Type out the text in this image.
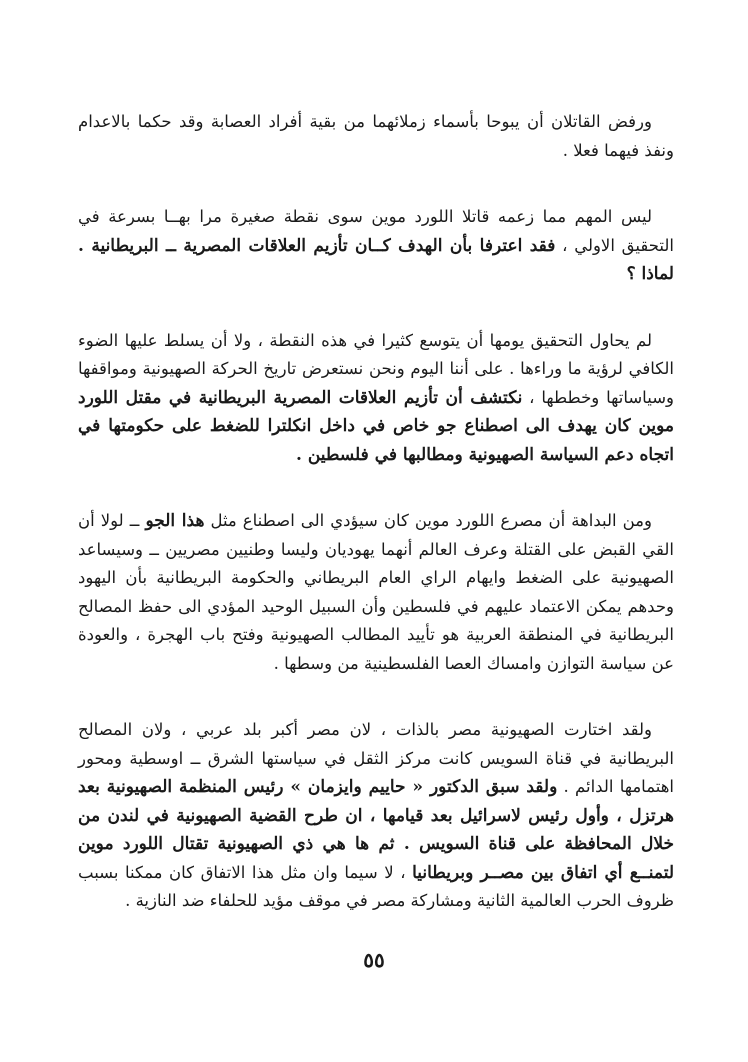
ورفض القاتلان أن يبوحا بأسماء زملائهما من بقية أفراد العصابة وقد حكما بالاعدام ونفذ فيهما فعلا .

ليس المهم مما زعمه قاتلا اللورد موين سوى نقطة صغيرة مرا بهــا بسرعة في التحقيق الاولي ، فقد اعترفا بأن الهدف كــان تأزيم العلاقات المصرية ــ البريطانية . لماذا ؟

لم يحاول التحقيق يومها أن يتوسع كثيرا في هذه النقطة ، ولا أن يسلط عليها الضوء الكافي لرؤية ما وراءها . على أننا اليوم ونحن نستعرض تاريخ الحركة الصهيونية ومواقفها وسياساتها وخططها ، نكتشف أن تأزيم العلاقات المصرية البريطانية في مقتل اللورد موين كان يهدف الى اصطناع جو خاص في داخل انكلترا للضغط على حكومتها في اتجاه دعم السياسة الصهيونية ومطالبها في فلسطين .

ومن البداهة أن مصرع اللورد موين كان سيؤدي الى اصطناع مثل هذا الجو ــ لولا أن القي القبض على القتلة وعرف العالم أنهما يهوديان وليسا وطنيين مصريين ــ وسيساعد الصهيونية على الضغط وايهام الراي العام البريطاني والحكومة البريطانية بأن اليهود وحدهم يمكن الاعتماد عليهم في فلسطين وأن السبيل الوحيد المؤدي الى حفظ المصالح البريطانية في المنطقة العربية هو تأييد المطالب الصهيونية وفتح باب الهجرة ، والعودة عن سياسة التوازن وامساك العصا الفلسطينية من وسطها .

ولقد اختارت الصهيونية مصر بالذات ، لان مصر أكبر بلد عربي ، ولان المصالح البريطانية في قناة السويس كانت مركز الثقل في سياستها الشرق ــ اوسطية ومحور اهتمامها الدائم . ولقد سبق الدكتور « حاييم وايزمان » رئيس المنظمة الصهيونية بعد هرتزل ، وأول رئيس لاسرائيل بعد قيامها ، ان طرح القضية الصهيونية في لندن من خلال المحافظة على قناة السويس . ثم ها هي ذي الصهيونية تقتال اللورد موين لتمنــع أي اتفاق بين مصــر وبريطانيا ، لا سيما وان مثل هذا الاتفاق كان ممكنا بسبب ظروف الحرب العالمية الثانية ومشاركة مصر في موقف مؤيد للحلفاء ضد النازية .

٥٥
